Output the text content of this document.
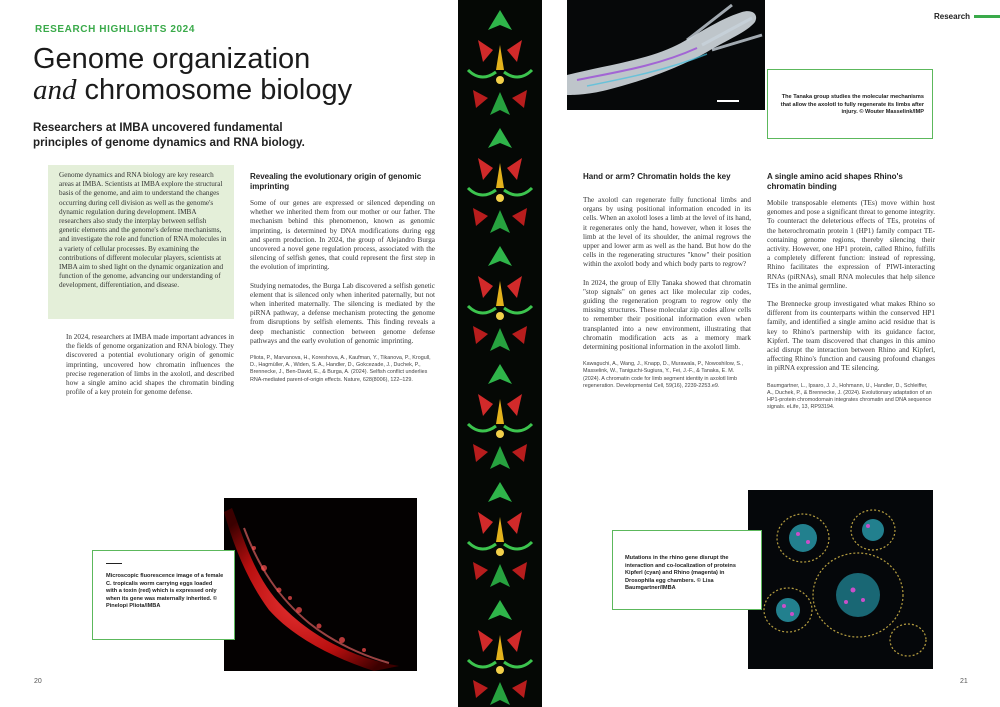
RESEARCH HIGHLIGHTS 2024
Genome organization
and chromosome biology
Researchers at IMBA uncovered fundamental principles of genome dynamics and RNA biology.

Genome dynamics and RNA biology are key research areas at IMBA. Scientists at IMBA explore the structural basis of the genome, and aim to understand the changes occurring during cell division as well as the genome's dynamic regulation during development. IMBA researchers also study the interplay between selfish genetic elements and the genome's defense mechanisms, and investigate the role and function of RNA molecules in a variety of cellular processes. By examining the contributions of different molecular players, scientists at IMBA aim to shed light on the dynamic organization and function of the genome, advancing our understanding of development, differentiation, and disease.

In 2024, researchers at IMBA made important advances in the fields of genome organization and RNA biology. They discovered a potential evolutionary origin of genomic imprinting, uncovered how chromatin influences the precise regeneration of limbs in the axolotl, and described how a single amino acid shapes the chromatin binding profile of a key protein for genome defense.

Revealing the evolutionary origin of genomic imprinting

Some of our genes are expressed or silenced depending on whether we inherited them from our mother or our father. The mechanism behind this phenomenon, known as genomic imprinting, is determined by DNA modifications during egg and sperm production. In 2024, the group of Alejandro Burga uncovered a novel gene regulation process, associated with the silencing of selfish genes, that could represent the first step in the evolution of imprinting.

Studying nematodes, the Burga Lab discovered a selfish genetic element that is silenced only when inherited paternally, but not when inherited maternally. The silencing is mediated by the piRNA pathway, a defense mechanism protecting the genome from disruptions by selfish elements. This finding reveals a deep mechanistic connection between genome defense pathways and the early evolution of genomic imprinting.

Pliota, P., Marvanova, H., Koreshova, A., Kaufman, Y., Tikanova, P., Krogull, D., Hagmüller, A., Widen, S. A., Handler, D., Gokcezade, J., Duchek, P., Brennecke, J., Ben-David, E., & Burga, A. (2024). Selfish conflict underlies RNA-mediated parent-of-origin effects. Nature, 628(8006), 122–129.

Microscopic fluorescence image of a female C. tropicalis worm carrying eggs loaded with a toxin (red) which is expressed only when its gene was maternally inherited. © Pinelopi Pliota/IMBA

20
Research

The Tanaka group studies the molecular mechanisms that allow the axolotl to fully regenerate its limbs after injury. © Wouter Masselink/IMP

Hand or arm? Chromatin holds the key

The axolotl can regenerate fully functional limbs and organs by using positional information encoded in its cells. When an axolotl loses a limb at the level of its hand, it regenerates only the hand, however, when it loses the limb at the level of its shoulder, the animal regrows the upper and lower arm as well as the hand. But how do the cells in the regenerating structures "know" their position within the axolotl body and which body parts to regrow?

In 2024, the group of Elly Tanaka showed that chromatin "stop signals" on genes act like molecular zip codes, guiding the regeneration program to regrow only the missing structures. These molecular zip codes allow cells to remember their positional information even when transplanted into a new environment, illustrating that chromatin modification acts as a memory mark determining positional information in the axolotl limb.

Kawaguchi, A., Wang, J., Knapp, D., Murawala, P., Nowoshilow, S., Masselink, W., Taniguchi-Sugiura, Y., Fei, J.-F., & Tanaka, E. M. (2024). A chromatin code for limb segment identity in axolotl limb regeneration. Developmental Cell, 59(16), 2239-2253.e9.

A single amino acid shapes Rhino's chromatin binding

Mobile transposable elements (TEs) move within host genomes and pose a significant threat to genome integrity. To counteract the deleterious effects of TEs, proteins of the heterochromatin protein 1 (HP1) family compact TE-containing genome regions, thereby silencing their activity. However, one HP1 protein, called Rhino, fulfills a completely different function: instead of repressing, Rhino facilitates the expression of PIWI-interacting RNAs (piRNAs), small RNA molecules that help silence TEs in the animal germline.

The Brennecke group investigated what makes Rhino so different from its counterparts within the conserved HP1 family, and identified a single amino acid residue that is key to Rhino's partnership with its guidance factor, Kipferl. The team discovered that changes in this amino acid disrupt the interaction between Rhino and Kipferl, affecting Rhino's function and causing profound changes in piRNA expression and TE silencing.

Baumgartner, L., Ipsaro, J. J., Hohmann, U., Handler, D., Schleiffer, A., Duchek, P., & Brennecke, J. (2024). Evolutionary adaptation of an HP1-protein chromodomain integrates chromatin and DNA sequence signals. eLife, 13, RP93194.

Mutations in the rhino gene disrupt the interaction and co-localization of proteins Kipferl (cyan) and Rhino (magenta) in Drosophila egg chambers. © Lisa Baumgartner/IMBA

21
